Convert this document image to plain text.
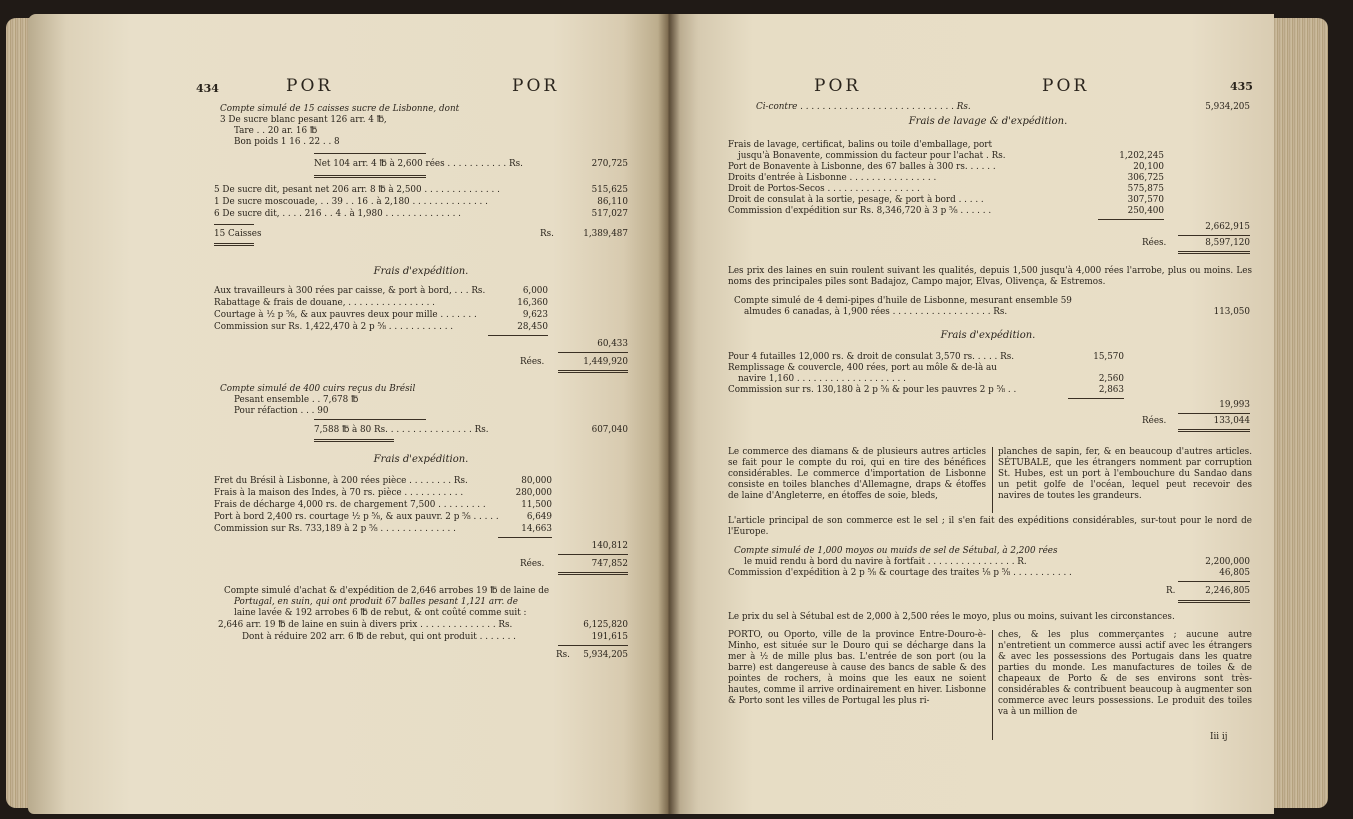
434	POR	POR
Compte simulé de 15 caisses sucre de Lisbonne, dont
3 De sucre blanc pesant 126 arr. 4 ℔,
Tare . . 20 ar. 16 ℔
Bon poids 1 16 . 22 . . 8
Net 104 arr. 4 ℔ à 2,600 rées . . . . . . . . . . . Rs.	270,725
5 De sucre dit, pesant net 206 arr. 8 ℔ à 2,500 . . . . . . . . . . . . . .	515,625
1 De sucre moscouade, . . 39 . . 16 . à 2,180 . . . . . . . . . . . . . .	86,110
6 De sucre dit, . . . . 216 . . 4 . à 1,980 . . . . . . . . . . . . . .	517,027
15 Caisses	Rs.	1,389,487
Frais d'expédition.
Aux travailleurs à 300 rées par caisse, & port à bord, . . . Rs.	6,000
Rabattage & frais de douane, . . . . . . . . . . . . . . . .	16,360
Courtage à ½ p ⅝, & aux pauvres deux pour mille . . . . . . .	9,623
Commission sur Rs. 1,422,470 à 2 p ⅝ . . . . . . . . . . . .	28,450
60,433
Rées.	1,449,920
Compte simulé de 400 cuirs reçus du Brésil
Pesant ensemble . . 7,678 ℔
Pour réfaction . . . 90
7,588 ℔ à 80 Rs. . . . . . . . . . . . . . . . Rs.	607,040
Frais d'expédition.
Fret du Brésil à Lisbonne, à 200 rées pièce . . . . . . . . Rs.	80,000
Frais à la maison des Indes, à 70 rs. pièce . . . . . . . . . . .	280,000
Frais de décharge 4,000 rs. de chargement 7,500 . . . . . . . . .	11,500
Port à bord 2,400 rs. courtage ½ p ⅝, & aux pauvr. 2 p ⅝ . . . . .	6,649
Commission sur Rs. 733,189 à 2 p ⅝ . . . . . . . . . . . . . .	14,663
140,812
Rées.	747,852
Compte simulé d'achat & d'expédition de 2,646 arrobes 19 ℔ de laine de
Portugal, en suin, qui ont produit 67 balles pesant 1,121 arr. de
laine lavée & 192 arrobes 6 ℔ de rebut, & ont coûté comme suit :
2,646 arr. 19 ℔ de laine en suin à divers prix . . . . . . . . . . . . . . Rs.	6,125,820
Dont à réduire 202 arr. 6 ℔ de rebut, qui ont produit . . . . . . .	191,615
Rs.	5,934,205
POR	POR	435
Ci-contre . . . . . . . . . . . . . . . . . . . . . . . . . . . . Rs.	5,934,205
Frais de lavage & d'expédition.
Frais de lavage, certificat, balins ou toile d'emballage, port
jusqu'à Bonavente, commission du facteur pour l'achat . Rs.	1,202,245
Port de Bonavente à Lisbonne, des 67 balles à 300 rs. . . . . .	20,100
Droits d'entrée à Lisbonne . . . . . . . . . . . . . . . .	306,725
Droit de Portos-Secos . . . . . . . . . . . . . . . . .	575,875
Droit de consulat à la sortie, pesage, & port à bord . . . . .	307,570
Commission d'expédition sur Rs. 8,346,720 à 3 p ⅝ . . . . . .	250,400
2,662,915
Rées.	8,597,120
Les prix des laines en suin roulent suivant les qualités, depuis 1,500 jusqu'à 4,000 rées l'arrobe, plus ou moins. Les noms des principales piles sont Badajoz, Campo major, Elvas, Olivença, & Estremos.
Compte simulé de 4 demi-pipes d'huile de Lisbonne, mesurant ensemble 59
almudes 6 canadas, à 1,900 rées . . . . . . . . . . . . . . . . . . Rs.	113,050
Frais d'expédition.
Pour 4 futailles 12,000 rs. & droit de consulat 3,570 rs. . . . . Rs.	15,570
Remplissage & couvercle, 400 rées, port au môle & de-là au
navire 1,160 . . . . . . . . . . . . . . . . . . . .	2,560
Commission sur rs. 130,180 à 2 p ⅝ & pour les pauvres 2 p ⅝ . .	2,863
19,993
Rées.	133,044
Le commerce des diamans & de plusieurs autres articles se fait pour le compte du roi, qui en tire des bénéfices considérables. Le commerce d'importation de Lisbonne consiste en toiles blanches d'Allemagne, draps & étoffes de laine d'Angleterre, en étoffes de soie, bleds,
planches de sapin, fer, & en beaucoup d'autres articles. SÉTUBALE, que les étrangers nomment par corruption St. Hubes, est un port à l'embouchure du Sandao dans un petit golfe de l'océan, lequel peut recevoir des navires de toutes les grandeurs.
L'article principal de son commerce est le sel ; il s'en fait des expéditions considérables, sur-tout pour le nord de l'Europe.
Compte simulé de 1,000 moyos ou muids de sel de Sétubal, à 2,200 rées
le muid rendu à bord du navire à fortfait . . . . . . . . . . . . . . . . R.	2,200,000
Commission d'expédition à 2 p ⅝ & courtage des traites ⅛ p ⅝ . . . . . . . . . . .	46,805
R.	2,246,805
Le prix du sel à Sétubal est de 2,000 à 2,500 rées le moyo, plus ou moins, suivant les circonstances.
PORTO, ou Oporto, ville de la province Entre-Douro-è-Minho, est située sur le Douro qui se décharge dans la mer à ½ de mille plus bas. L'entrée de son port (ou la barre) est dangereuse à cause des bancs de sable & des pointes de rochers, à moins que les eaux ne soient hautes, comme il arrive ordinairement en hiver. Lisbonne & Porto sont les villes de Portugal les plus ri-
ches, & les plus commerçantes ; aucune autre n'entretient un commerce aussi actif avec les étrangers & avec les possessions des Portugais dans les quatre parties du monde. Les manufactures de toiles & de chapeaux de Porto & de ses environs sont très-considérables & contribuent beaucoup à augmenter son commerce avec leurs possessions. Le produit des toiles va à un million de
Iii ij
